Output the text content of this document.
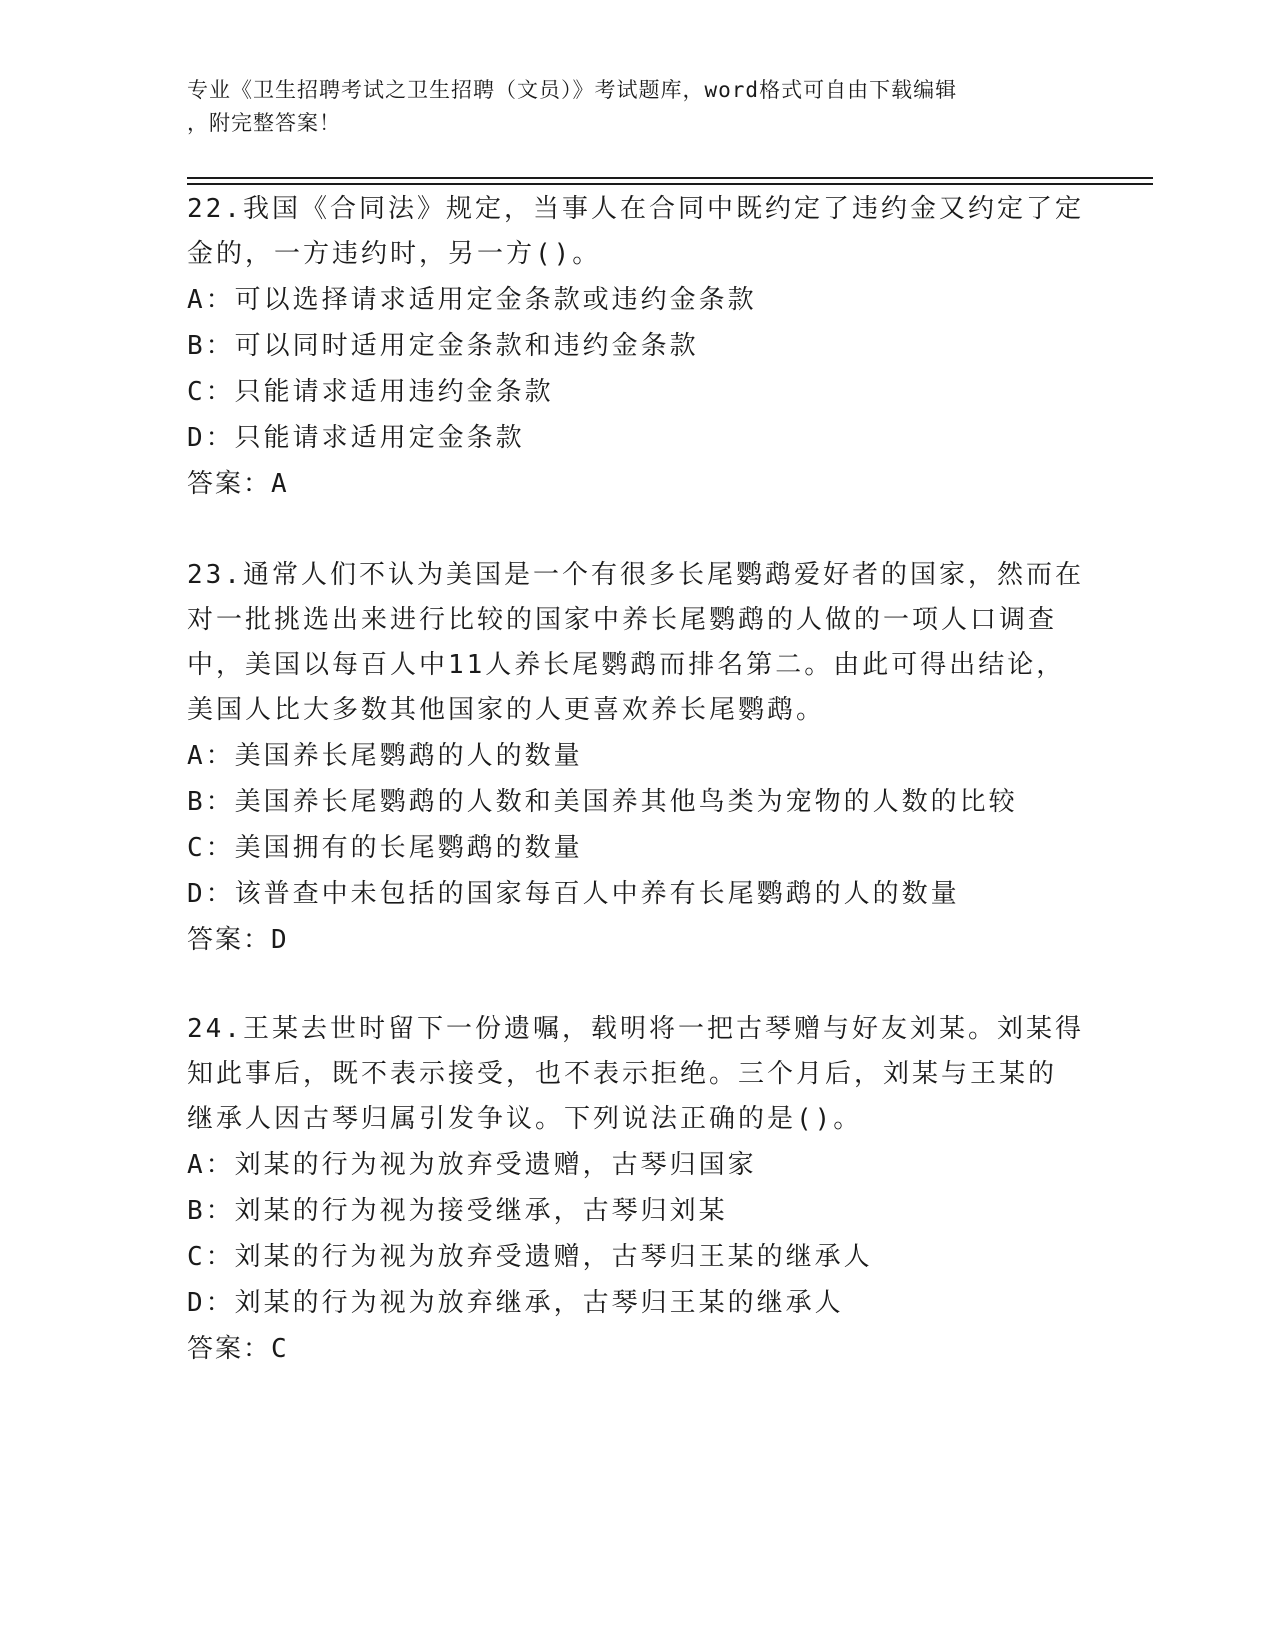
专业《卫生招聘考试之卫生招聘（文员）》考试题库，word格式可自由下载编辑
，附完整答案！

22.我国《合同法》规定，当事人在合同中既约定了违约金又约定了定

金的，一方违约时，另一方()。

A：可以选择请求适用定金条款或违约金条款

B：可以同时适用定金条款和违约金条款

C：只能请求适用违约金条款

D：只能请求适用定金条款

答案：A

23.通常人们不认为美国是一个有很多长尾鹦鹉爱好者的国家，然而在

对一批挑选出来进行比较的国家中养长尾鹦鹉的人做的一项人口调查

中，美国以每百人中11人养长尾鹦鹉而排名第二。由此可得出结论，

美国人比大多数其他国家的人更喜欢养长尾鹦鹉。

A：美国养长尾鹦鹉的人的数量

B：美国养长尾鹦鹉的人数和美国养其他鸟类为宠物的人数的比较

C：美国拥有的长尾鹦鹉的数量

D：该普查中未包括的国家每百人中养有长尾鹦鹉的人的数量

答案：D

24.王某去世时留下一份遗嘱，载明将一把古琴赠与好友刘某。刘某得

知此事后，既不表示接受，也不表示拒绝。三个月后，刘某与王某的

继承人因古琴归属引发争议。下列说法正确的是()。

A：刘某的行为视为放弃受遗赠，古琴归国家

B：刘某的行为视为接受继承，古琴归刘某

C：刘某的行为视为放弃受遗赠，古琴归王某的继承人

D：刘某的行为视为放弃继承，古琴归王某的继承人

答案：C
